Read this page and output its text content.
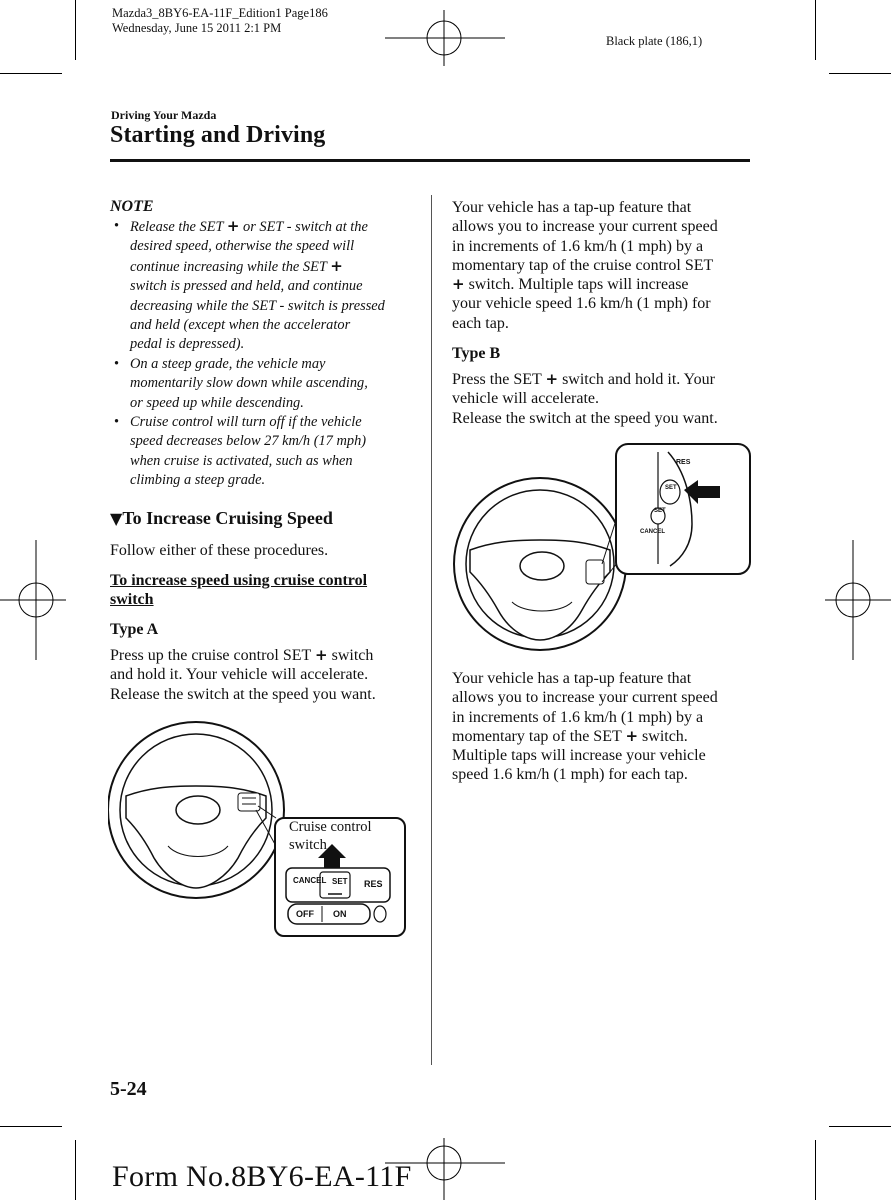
Mazda3_8BY6-EA-11F_Edition1 Page186
Wednesday, June 15 2011 2:1 PM
Black plate (186,1)
Driving Your Mazda
Starting and Driving
NOTE
• Release the SET + or SET - switch at the
desired speed, otherwise the speed will
continue increasing while the SET +
switch is pressed and held, and continue
decreasing while the SET - switch is pressed
and held (except when the accelerator
pedal is depressed).
• On a steep grade, the vehicle may
momentarily slow down while ascending,
or speed up while descending.
• Cruise control will turn off if the vehicle
speed decreases below 27 km/h (17 mph)
when cruise is activated, such as when
climbing a steep grade.
▼To Increase Cruising Speed
Follow either of these procedures.
To increase speed using cruise control
switch
Type A
Press up the cruise control SET + switch
and hold it. Your vehicle will accelerate.
Release the switch at the speed you want.
Cruise control
switch
CANCEL SET RES
OFF ON
Your vehicle has a tap-up feature that
allows you to increase your current speed
in increments of 1.6 km/h (1 mph) by a
momentary tap of the cruise control SET
+ switch. Multiple taps will increase
your vehicle speed 1.6 km/h (1 mph) for
each tap.
Type B
Press the SET + switch and hold it. Your
vehicle will accelerate.
Release the switch at the speed you want.
RES
SET
SET
CANCEL
Your vehicle has a tap-up feature that
allows you to increase your current speed
in increments of 1.6 km/h (1 mph) by a
momentary tap of the SET + switch.
Multiple taps will increase your vehicle
speed 1.6 km/h (1 mph) for each tap.
5-24
Form No.8BY6-EA-11F
